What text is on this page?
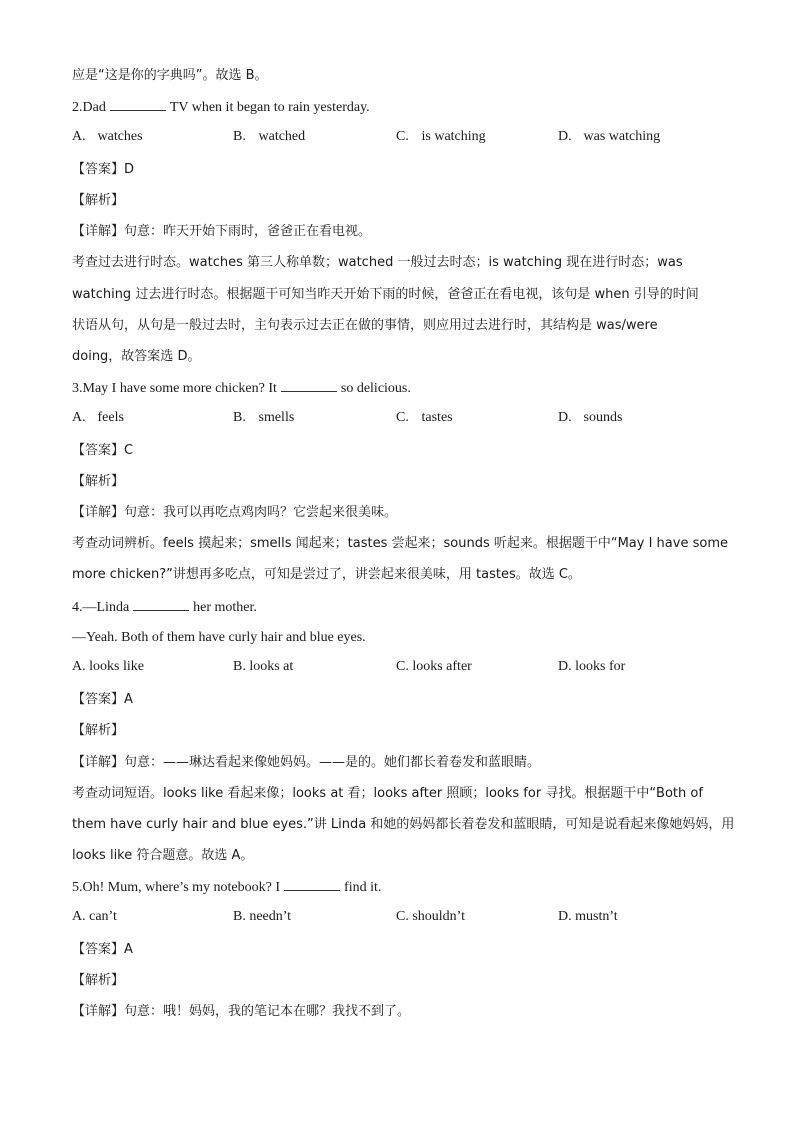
应是“这是你的字典吗”。故选 B。
2.Dad	TV when it began to rain yesterday.
A. watches	B. watched	C. is watching	D. was watching
【答案】D
【解析】
【详解】句意：昨天开始下雨时，爸爸正在看电视。
考查过去进行时态。watches 第三人称单数；watched 一般过去时态；is watching 现在进行时态；was
watching 过去进行时态。根据题干可知当昨天开始下雨的时候，爸爸正在看电视，该句是 when 引导的时间
状语从句，从句是一般过去时，主句表示过去正在做的事情，则应用过去进行时，其结构是 was/were
doing，故答案选 D。
3.May I have some more chicken? It	so delicious.
A. feels	B. smells	C. tastes	D. sounds
【答案】C
【解析】
【详解】句意：我可以再吃点鸡肉吗？它尝起来很美味。
考查动词辨析。feels 摸起来；smells 闻起来；tastes 尝起来；sounds 听起来。根据题干中“May I have some
more chicken?”讲想再多吃点，可知是尝过了，讲尝起来很美味，用 tastes。故选 C。
4.—Linda	her mother.
—Yeah. Both of them have curly hair and blue eyes.
A. looks like	B. looks at	C. looks after	D. looks for
【答案】A
【解析】
【详解】句意：——琳达看起来像她妈妈。——是的。她们都长着卷发和蓝眼睛。
考查动词短语。looks like 看起来像；looks at 看；looks after 照顾；looks for 寻找。根据题干中“Both of
them have curly hair and blue eyes.”讲 Linda 和她的妈妈都长着卷发和蓝眼睛，可知是说看起来像她妈妈，用
looks like 符合题意。故选 A。
5.Oh! Mum, where’s my notebook? I	find it.
A. can’t	B. needn’t	C. shouldn’t	D. mustn’t
【答案】A
【解析】
【详解】句意：哦！妈妈，我的笔记本在哪？我找不到了。
